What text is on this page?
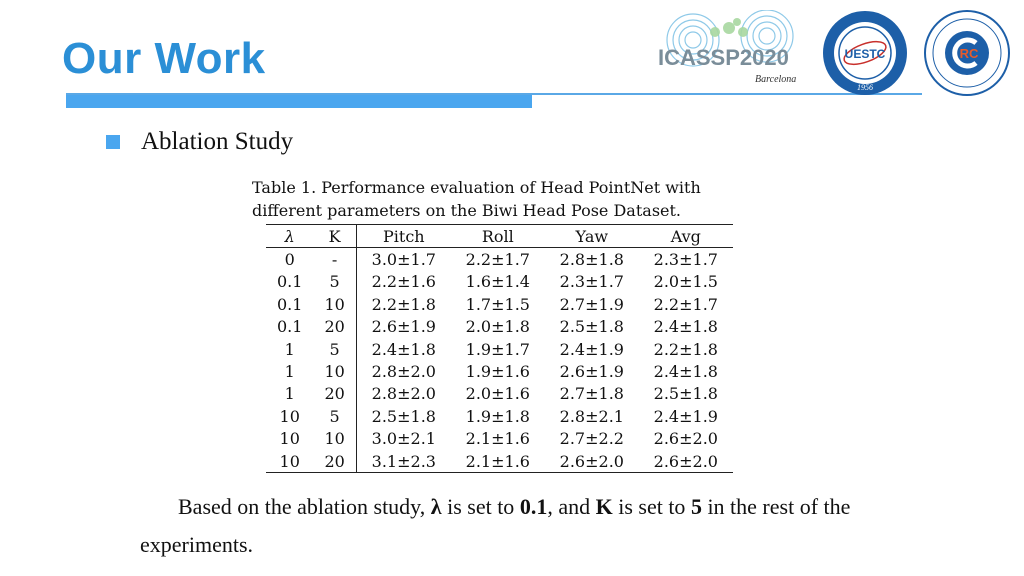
Our Work	ICASSP2020
Barcelona
UESTC
1956
RC
Ablation Study

Table 1. Performance evaluation of Head PointNet with

different parameters on the Biwi Head Pose Dataset.

λ	K	Pitch	Roll	Yaw	Avg
0	-	3.0±1.7	2.2±1.7	2.8±1.8	2.3±1.7
0.1	5	2.2±1.6	1.6±1.4	2.3±1.7	2.0±1.5
0.1	10	2.2±1.8	1.7±1.5	2.7±1.9	2.2±1.7
0.1	20	2.6±1.9	2.0±1.8	2.5±1.8	2.4±1.8
1	5	2.4±1.8	1.9±1.7	2.4±1.9	2.2±1.8
1	10	2.8±2.0	1.9±1.6	2.6±1.9	2.4±1.8
1	20	2.8±2.0	2.0±1.6	2.7±1.8	2.5±1.8
10	5	2.5±1.8	1.9±1.8	2.8±2.1	2.4±1.9
10	10	3.0±2.1	2.1±1.6	2.7±2.2	2.6±2.0
10	20	3.1±2.3	2.1±1.6	2.6±2.0	2.6±2.0

Based on the ablation study, λ is set to 0.1, and K is set to 5 in the rest of the experiments.
